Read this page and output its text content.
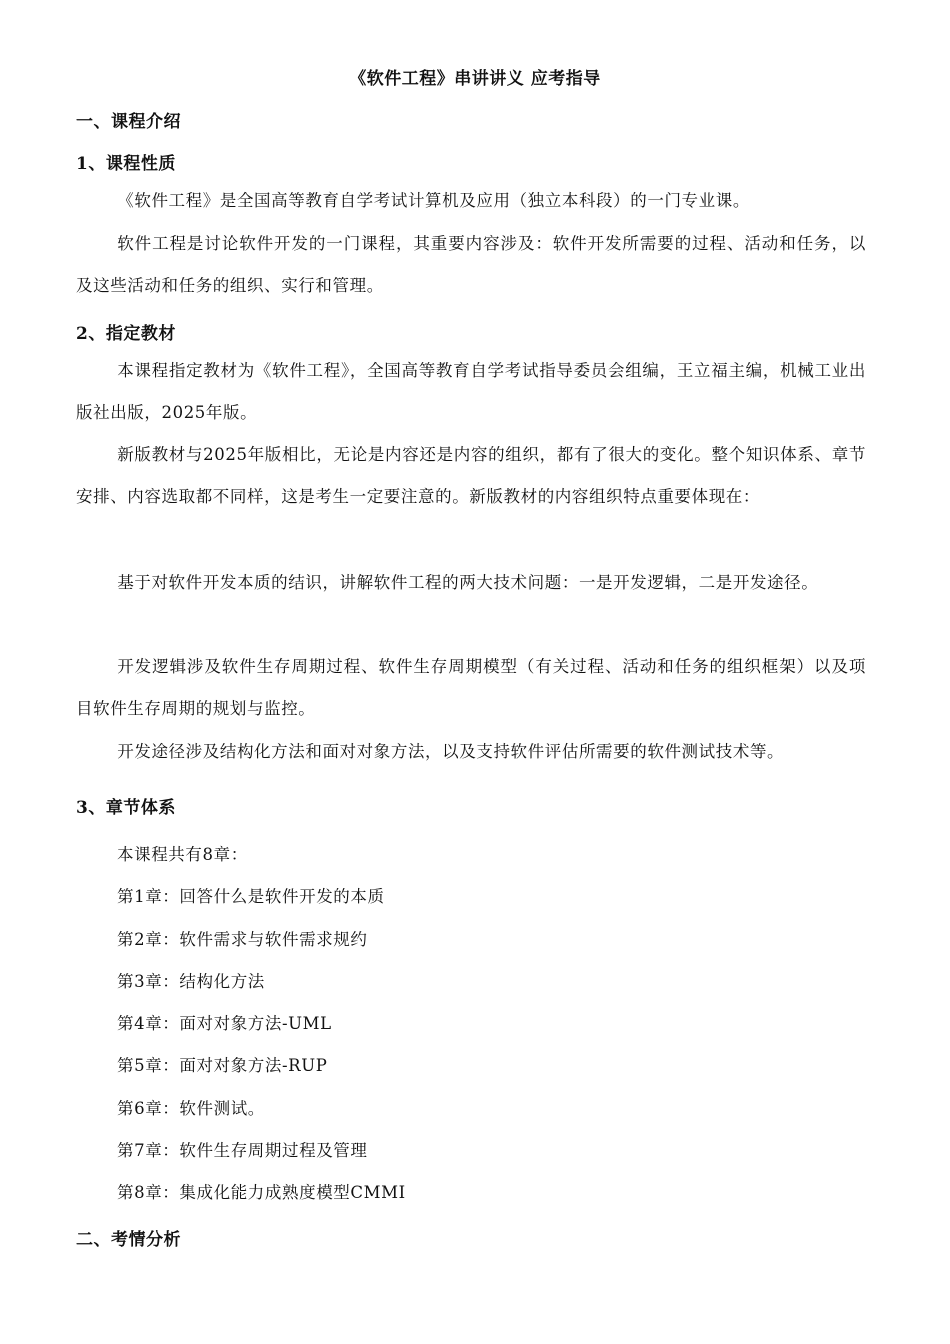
《软件工程》串讲讲义 应考指导
一、课程介绍
1、课程性质
《软件工程》是全国高等教育自学考试计算机及应用（独立本科段）的一门专业课。
软件工程是讨论软件开发的一门课程，其重要内容涉及：软件开发所需要的过程、活动和任务，以及这些活动和任务的组织、实行和管理。
2、指定教材
本课程指定教材为《软件工程》，全国高等教育自学考试指导委员会组编，王立福主编，机械工业出版社出版，2025年版。
新版教材与2025年版相比，无论是内容还是内容的组织，都有了很大的变化。整个知识体系、章节安排、内容选取都不同样，这是考生一定要注意的。新版教材的内容组织特点重要体现在：
基于对软件开发本质的结识，讲解软件工程的两大技术问题：一是开发逻辑，二是开发途径。
开发逻辑涉及软件生存周期过程、软件生存周期模型（有关过程、活动和任务的组织框架）以及项目软件生存周期的规划与监控。
开发途径涉及结构化方法和面对对象方法，以及支持软件评估所需要的软件测试技术等。
3、章节体系
本课程共有8章：
第1章：回答什么是软件开发的本质
第2章：软件需求与软件需求规约
第3章：结构化方法
第4章：面对对象方法-UML
第5章：面对对象方法-RUP
第6章：软件测试。
第7章：软件生存周期过程及管理
第8章：集成化能力成熟度模型CMMI
二、考情分析
